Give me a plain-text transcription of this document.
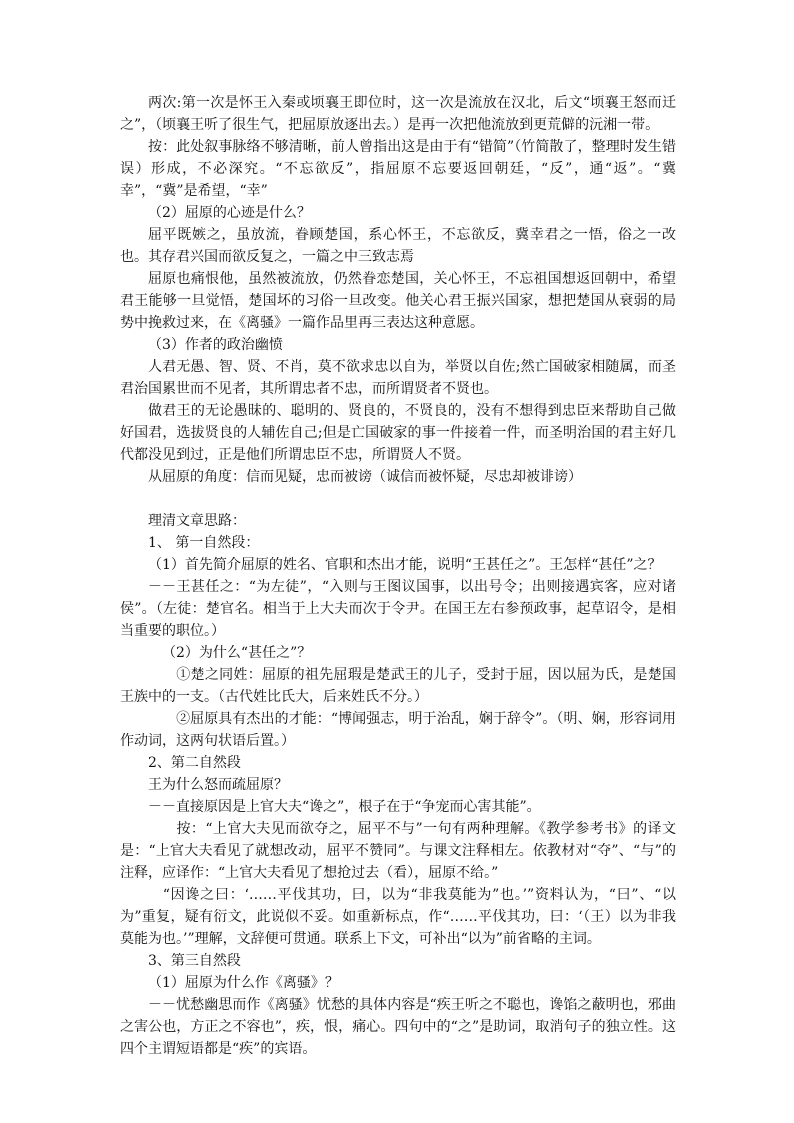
两次:第一次是怀王入秦或顷襄王即位时，这一次是流放在汉北，后文“顷襄王怒而迁之”，（顷襄王听了很生气，把屈原放逐出去。）是再一次把他流放到更荒僻的沅湘一带。

按：此处叙事脉络不够清晰，前人曾指出这是由于有“错简”（竹简散了，整理时发生错误）形成，不必深究。“不忘欲反”，指屈原不忘要返回朝廷，“反”，通“返”。“冀幸”，“冀”是希望，“幸”

（2）屈原的心迹是什么？

屈平既嫉之，虽放流，眷顾楚国，系心怀王，不忘欲反，冀幸君之一悟，俗之一改也。其存君兴国而欲反复之，一篇之中三致志焉

屈原也痛恨他，虽然被流放，仍然眷恋楚国，关心怀王，不忘祖国想返回朝中，希望君王能够一旦觉悟，楚国坏的习俗一旦改变。他关心君王振兴国家，想把楚国从衰弱的局势中挽救过来，在《离骚》一篇作品里再三表达这种意愿。

（3）作者的政治幽愤

人君无愚、智、贤、不肖，莫不欲求忠以自为，举贤以自佐;然亡国破家相随属，而圣君治国累世而不见者，其所谓忠者不忠，而所谓贤者不贤也。

做君王的无论愚昧的、聪明的、贤良的，不贤良的，没有不想得到忠臣来帮助自己做好国君，选拔贤良的人辅佐自己;但是亡国破家的事一件接着一件，而圣明治国的君主好几代都没见到过，正是他们所谓忠臣不忠，所谓贤人不贤。

从屈原的角度：信而见疑，忠而被谤（诚信而被怀疑，尽忠却被诽谤）

理清文章思路：

1、 第一自然段：

（1）首先简介屈原的姓名、官职和杰出才能，说明“王甚任之”。王怎样“甚任”之？

－－王甚任之：“为左徒”，“入则与王图议国事，以出号令；出则接遇宾客，应对诸侯”。（左徒：楚官名。相当于上大夫而次于令尹。在国王左右参预政事，起草诏令，是相当重要的职位。）

（2）为什么“甚任之”？

　①楚之同姓：屈原的祖先屈瑕是楚武王的儿子，受封于屈，因以屈为氏，是楚国王族中的一支。（古代姓比氏大，后来姓氏不分。）

　②屈原具有杰出的才能：“博闻强志，明于治乱，娴于辞令”。（明、娴，形容词用作动词，这两句状语后置。）

2、第二自然段

王为什么怒而疏屈原？

－－直接原因是上官大夫“谗之”，根子在于“争宠而心害其能”。

　按：“上官大夫见而欲夺之，屈平不与”一句有两种理解。《教学参考书》的译文是：“上官大夫看见了就想改动，屈平不赞同”。与课文注释相左。依教材对“夺”、“与”的注释，应译作：“上官大夫看见了想抢过去（看），屈原不给。”

　“因谗之曰：‘……平伐其功，曰，以为“非我莫能为”也。’”资料认为，“曰”、“以为”重复，疑有衍文，此说似不妥。如重新标点，作“……平伐其功，曰：‘（王）以为非我莫能为也。’”理解，文辞便可贯通。联系上下文，可补出“以为”前省略的主词。

3、第三自然段

（1）屈原为什么作《离骚》？

－－忧愁幽思而作《离骚》忧愁的具体内容是“疾王听之不聪也，谗馅之蔽明也，邪曲之害公也，方正之不容也”，疾，恨，痛心。四句中的“之”是助词，取消句子的独立性。这四个主谓短语都是“疾”的宾语。
